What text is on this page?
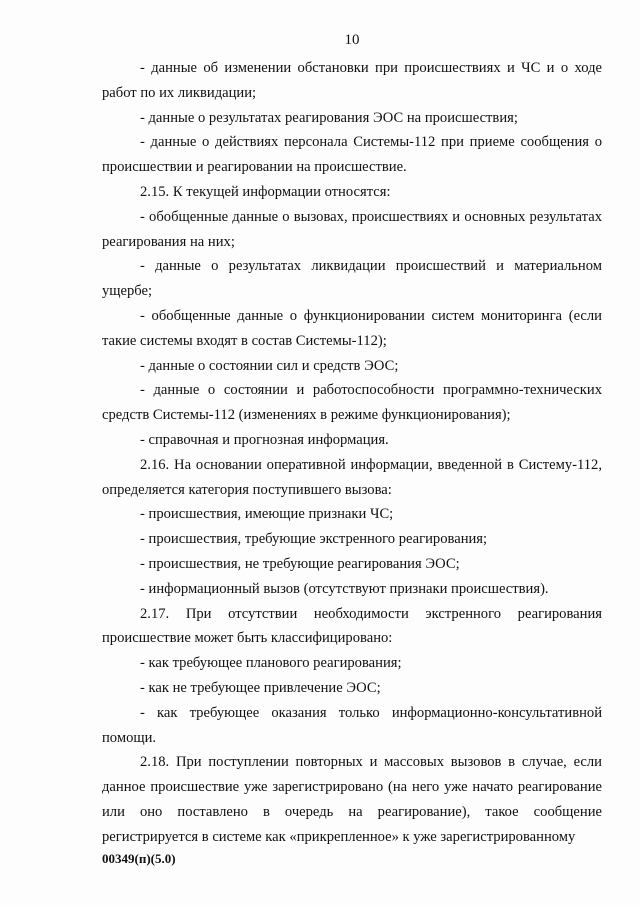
10

- данные об изменении обстановки при происшествиях и ЧС и о ходе работ по их ликвидации;

- данные о результатах реагирования ЭОС на происшествия;

- данные о действиях персонала Системы-112 при приеме сообщения о происшествии и реагировании на происшествие.

2.15. К текущей информации относятся:

- обобщенные данные о вызовах, происшествиях и основных результатах реагирования на них;

- данные о результатах ликвидации происшествий и материальном ущербе;

- обобщенные данные о функционировании систем мониторинга (если такие системы входят в состав Системы-112);

- данные о состоянии сил и средств ЭОС;

- данные о состоянии и работоспособности программно-технических средств Системы-112 (изменениях в режиме функционирования);

- справочная и прогнозная информация.

2.16. На основании оперативной информации, введенной в Систему-112, определяется категория поступившего вызова:

- происшествия, имеющие признаки ЧС;

- происшествия, требующие экстренного реагирования;

- происшествия, не требующие реагирования ЭОС;

- информационный вызов (отсутствуют признаки происшествия).

2.17. При отсутствии необходимости экстренного реагирования происшествие может быть классифицировано:

- как требующее планового реагирования;

- как не требующее привлечение ЭОС;

- как требующее оказания только информационно-консультативной помощи.

2.18. При поступлении повторных и массовых вызовов в случае, если данное происшествие уже зарегистрировано (на него уже начато реагирование или оно поставлено в очередь на реагирование), такое сообщение регистрируется в системе как «прикрепленное» к уже зарегистрированному

00349(п)(5.0)
